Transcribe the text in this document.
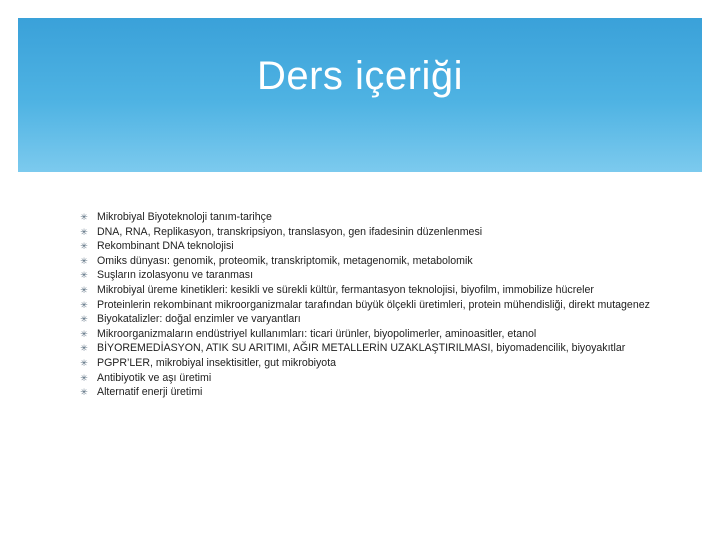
Ders içeriği
✳ Mikrobiyal Biyoteknoloji tanım-tarihçe
✳ DNA, RNA, Replikasyon, transkripsiyon, translasyon, gen ifadesinin düzenlenmesi
✳ Rekombinant DNA teknolojisi
✳ Omiks dünyası: genomik, proteomik, transkriptomik, metagenomik, metabolomik
✳ Suşların izolasyonu ve taranması
✳ Mikrobiyal üreme kinetikleri: kesikli ve sürekli kültür, fermantasyon teknolojisi, biyofilm, immobilize hücreler
✳ Proteinlerin rekombinant mikroorganizmalar tarafından büyük ölçekli üretimleri, protein mühendisliği, direkt mutagenez
✳ Biyokatalizler: doğal enzimler ve varyantları
✳ Mikroorganizmaların endüstriyel kullanımları: ticari ürünler, biyopolimerler, aminoasitler, etanol
✳ BİYOREMEDİASYON, ATIK SU ARITIMI, AĞIR METALLERİN UZAKLAŞTIRILMASI, biyomadencilik, biyoyakıtlar
✳ PGPR’LER, mikrobiyal insektisitler, gut mikrobiyota
✳ Antibiyotik ve aşı üretimi
✳ Alternatif enerji üretimi
